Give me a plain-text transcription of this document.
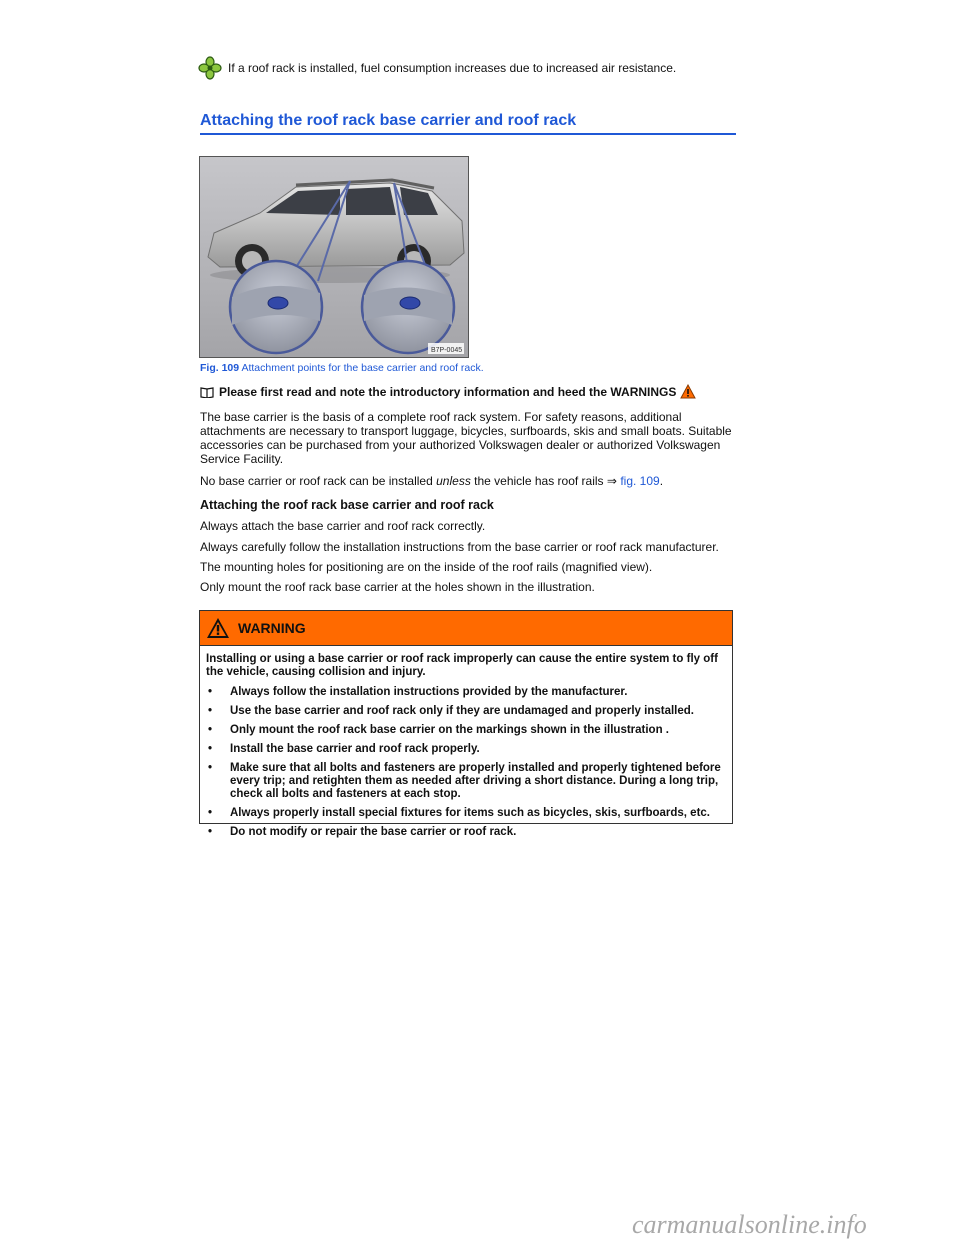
If a roof rack is installed, fuel consumption increases due to increased air resistance.
Attaching the roof rack base carrier and roof rack
B7P-0045
Fig. 109 Attachment points for the base carrier and roof rack.
Please first read and note the introductory information and heed the WARNINGS

The base carrier is the basis of a complete roof rack system. For safety reasons, additional attachments are necessary to transport luggage, bicycles, surfboards, skis and small boats. Suitable accessories can be purchased from your authorized Volkswagen dealer or authorized Volkswagen Service Facility.

No base carrier or roof rack can be installed unless the vehicle has roof rails ⇒ fig. 109.

Attaching the roof rack base carrier and roof rack

Always attach the base carrier and roof rack correctly.

Always carefully follow the installation instructions from the base carrier or roof rack manufacturer.

The mounting holes for positioning are on the inside of the roof rails (magnified view).

Only mount the roof rack base carrier at the holes shown in the illustration.

WARNING
Installing or using a base carrier or roof rack improperly can cause the entire system to fly off the vehicle, causing collision and injury.
•	Always follow the installation instructions provided by the manufacturer.
•	Use the base carrier and roof rack only if they are undamaged and properly installed.
•	Only mount the roof rack base carrier on the markings shown in the illustration .
•	Install the base carrier and roof rack properly.
•	Make sure that all bolts and fasteners are properly installed and properly tightened before every trip; and retighten them as needed after driving a short distance. During a long trip, check all bolts and fasteners at each stop.
•	Always properly install special fixtures for items such as bicycles, skis, surfboards, etc.
•	Do not modify or repair the base carrier or roof rack.
carmanualsonline.info
